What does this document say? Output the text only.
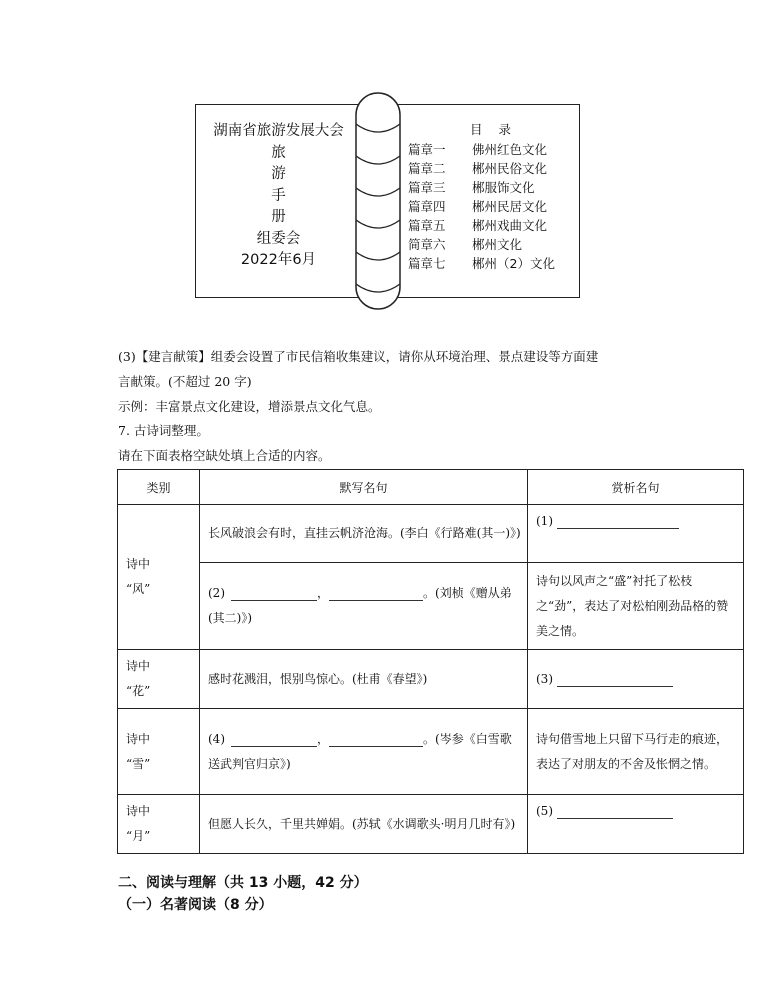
湖南省旅游发展大会
旅
游
手
册
组委会
2022年6月
目 录
篇章一 佛州红色文化
篇章二 郴州民俗文化
篇章三 郴服饰文化
篇章四 郴州民居文化
篇章五 郴州戏曲文化
简章六 郴州文化
篇章七 郴州（2）文化
(3)【建言献策】组委会设置了市民信箱收集建议，请你从环境治理、景点建设等方面建
言献策。(不超过 20 字)
示例：丰富景点文化建设，增添景点文化气息。
7. 古诗词整理。
请在下面表格空缺处填上合适的内容。
类别	默写名句	赏析名句
诗中
“风”	长风破浪会有时，直挂云帆济沧海。(李白《行路难(其一)》)	(1)
	(2) ， 。(刘桢《赠从弟(其二)》)	诗句以风声之“盛”衬托了松枝之“劲”，表达了对松柏刚劲品格的赞美之情。
诗中
“花”	感时花溅泪，恨别鸟惊心。(杜甫《春望》)	(3)
诗中
“雪”	(4) ， 。(岑参《白雪歌送武判官归京》)	诗句借雪地上只留下马行走的痕迹，表达了对朋友的不舍及怅惘之情。
诗中
“月”	但愿人长久，千里共婵娟。(苏轼《水调歌头·明月几时有》)	(5)
二、阅读与理解（共 13 小题，42 分）
（一）名著阅读（8 分）
